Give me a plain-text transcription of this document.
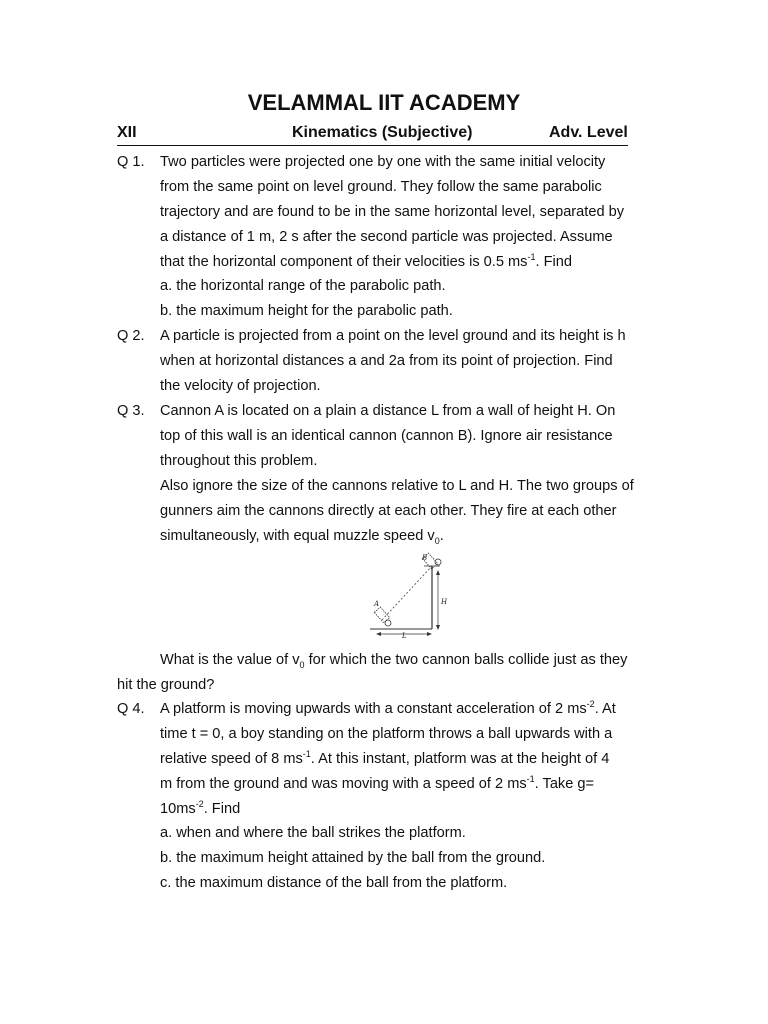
VELAMMAL IIT ACADEMY
XII	Kinematics (Subjective)	Adv. Level
Q 1. Two particles were projected one by one with the same initial velocity
from the same point on level ground. They follow the same parabolic
trajectory and are found to be in the same horizontal level, separated by
a distance of 1 m, 2 s after the second particle was projected. Assume
that the horizontal component of their velocities is 0.5 $ms^{-1}$. Find
a. the horizontal range of the parabolic path.
b. the maximum height for the parabolic path.
Q 2. A particle is projected from a point on the level ground and its height is h
when at horizontal distances a and 2a from its point of projection. Find
the velocity of projection.
Q 3. Cannon A is located on a plain a distance L from a wall of height H. On
top of this wall is an identical cannon (cannon B). Ignore air resistance
throughout this problem.
Also ignore the size of the cannons relative to L and H. The two groups of
gunners aim the cannons directly at each other. They fire at each other
simultaneously, with equal muzzle speed $v_0$.
A
B
H
L
What is the value of $v_0$ for which the two cannon balls collide just as they
hit the ground?
Q 4. A platform is moving upwards with a constant acceleration of 2 $ms^{-2}$. At
time t = 0, a boy standing on the platform throws a ball upwards with a
relative speed of 8 $ms^{-1}$. At this instant, platform was at the height of 4
m from the ground and was moving with a speed of 2 $ms^{-1}$. Take g=
$10ms^{-2}$. Find
a. when and where the ball strikes the platform.
b. the maximum height attained by the ball from the ground.
c. the maximum distance of the ball from the platform.
